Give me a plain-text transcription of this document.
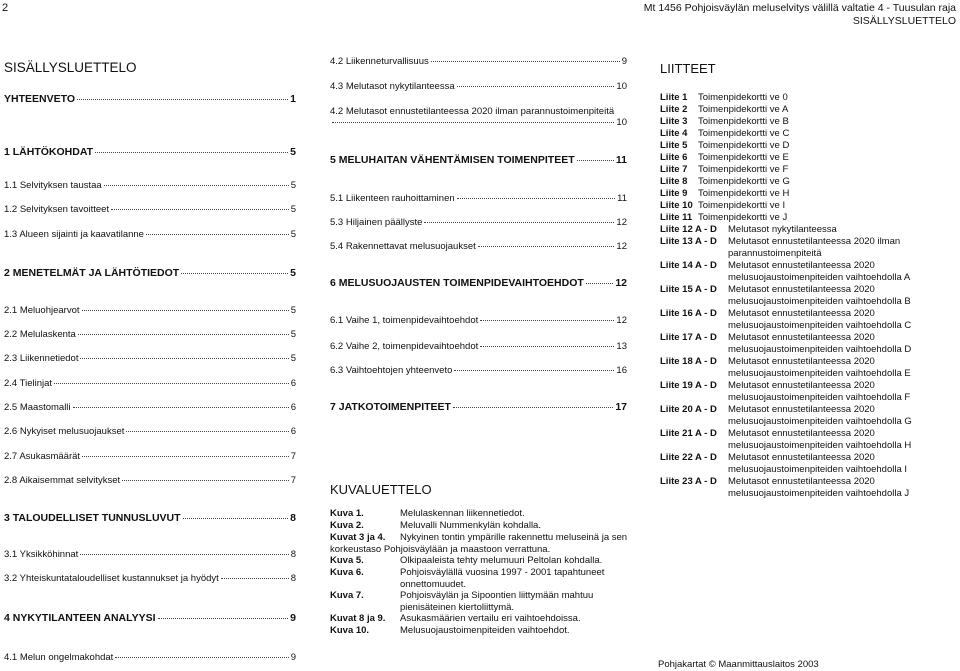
2	Mt 1456 Pohjoisväylän meluselvitys välillä valtatie 4 - Tuusulan raja
SISÄLLYSLUETTELO
SISÄLLYSLUETTELO	LIITTEET
KUVALUETTELO
YHTEENVETO	1
1 LÄHTÖKOHDAT	5
1.1 Selvityksen taustaa	5
1.2 Selvityksen tavoitteet	5
1.3 Alueen sijainti ja kaavatilanne	5
2 MENETELMÄT JA LÄHTÖTIEDOT	5
2.1 Meluohjearvot	5
2.2 Melulaskenta	5
2.3 Liikennetiedot	5
2.4 Tielinjat	6
2.5 Maastomalli	6
2.6 Nykyiset melusuojaukset	6
2.7 Asukasmäärät	7
2.8 Aikaisemmat selvitykset	7
3 TALOUDELLISET TUNNUSLUVUT	8
3.1 Yksikköhinnat	8
3.2 Yhteiskuntataloudelliset kustannukset ja hyödyt	8
4 NYKYTILANTEEN ANALYYSI	9
4.1 Melun ongelmakohdat	9
4.2 Liikenneturvallisuus	9
4.3 Melutasot nykytilanteessa	10
4.2 Melutasot ennustetilanteessa 2020 ilman parannustoimenpiteitä
10
5 MELUHAITAN VÄHENTÄMISEN TOIMENPITEET	11
5.1 Liikenteen rauhoittaminen	11
5.3 Hiljainen päällyste	12
5.4 Rakennettavat melusuojaukset	12
6 MELUSUOJAUSTEN TOIMENPIDEVAIHTOEHDOT	12
6.1 Vaihe 1, toimenpidevaihtoehdot	12
6.2 Vaihe 2, toimenpidevaihtoehdot	13
6.3 Vaihtoehtojen yhteenveto	16
7 JATKOTOIMENPITEET	17
Kuva 1.	Melulaskennan liikennetiedot.
Kuva 2.	Meluvalli Nummenkylän kohdalla.
Kuvat 3 ja 4.	Nykyinen tontin ympärille rakennettu meluseinä ja sen korkeustaso Pohjoisväylään ja maastoon verrattuna.
Kuva 5.	Olkipaaleista tehty melumuuri Peltolan kohdalla.
Kuva 6.	Pohjoisväylällä vuosina 1997 - 2001 tapahtuneet onnettomuudet.
Kuva 7.	Pohjoisväylän ja Sipoontien liittymään mahtuu pienisäteinen kiertoliittymä.
Kuvat 8 ja 9. Asukasmäärien vertailu eri vaihtoehdoissa.
Kuva 10.	Melusuojaustoimenpiteiden vaihtoehdot.
Liite 1 Toimenpidekortti ve 0
Liite 2 Toimenpidekortti ve A
Liite 3 Toimenpidekortti ve B
Liite 4 Toimenpidekortti ve C
Liite 5 Toimenpidekortti ve D
Liite 6 Toimenpidekortti ve E
Liite 7 Toimenpidekortti ve F
Liite 8 Toimenpidekortti ve G
Liite 9 Toimenpidekortti ve H
Liite 10 Toimenpidekortti ve I
Liite 11 Toimenpidekortti ve J
Liite 12 A - D Melutasot nykytilanteessa
Liite 13 A - D Melutasot ennustetilanteessa 2020 ilman parannustoimenpiteitä
Liite 14 A - D Melutasot ennustetilanteessa 2020 melusuojaustoimenpiteiden vaihtoehdolla A
Liite 15 A - D Melutasot ennustetilanteessa 2020 melusuojaustoimenpiteiden vaihtoehdolla B
Liite 16 A - D Melutasot ennustetilanteessa 2020 melusuojaustoimenpiteiden vaihtoehdolla C
Liite 17 A - D Melutasot ennustetilanteessa 2020 melusuojaustoimenpiteiden vaihtoehdolla D
Liite 18 A - D Melutasot ennustetilanteessa 2020 melusuojaustoimenpiteiden vaihtoehdolla E
Liite 19 A - D Melutasot ennustetilanteessa 2020 melusuojaustoimenpiteiden vaihtoehdolla F
Liite 20 A - D Melutasot ennustetilanteessa 2020 melusuojaustoimenpiteiden vaihtoehdolla G
Liite 21 A - D Melutasot ennustetilanteessa 2020 melusuojaustoimenpiteiden vaihtoehdolla H
Liite 22 A - D Melutasot ennustetilanteessa 2020 melusuojaustoimenpiteiden vaihtoehdolla I
Liite 23 A - D Melutasot ennustetilanteessa 2020 melusuojaustoimenpiteiden vaihtoehdolla J
Pohjakartat © Maanmittauslaitos 2003
